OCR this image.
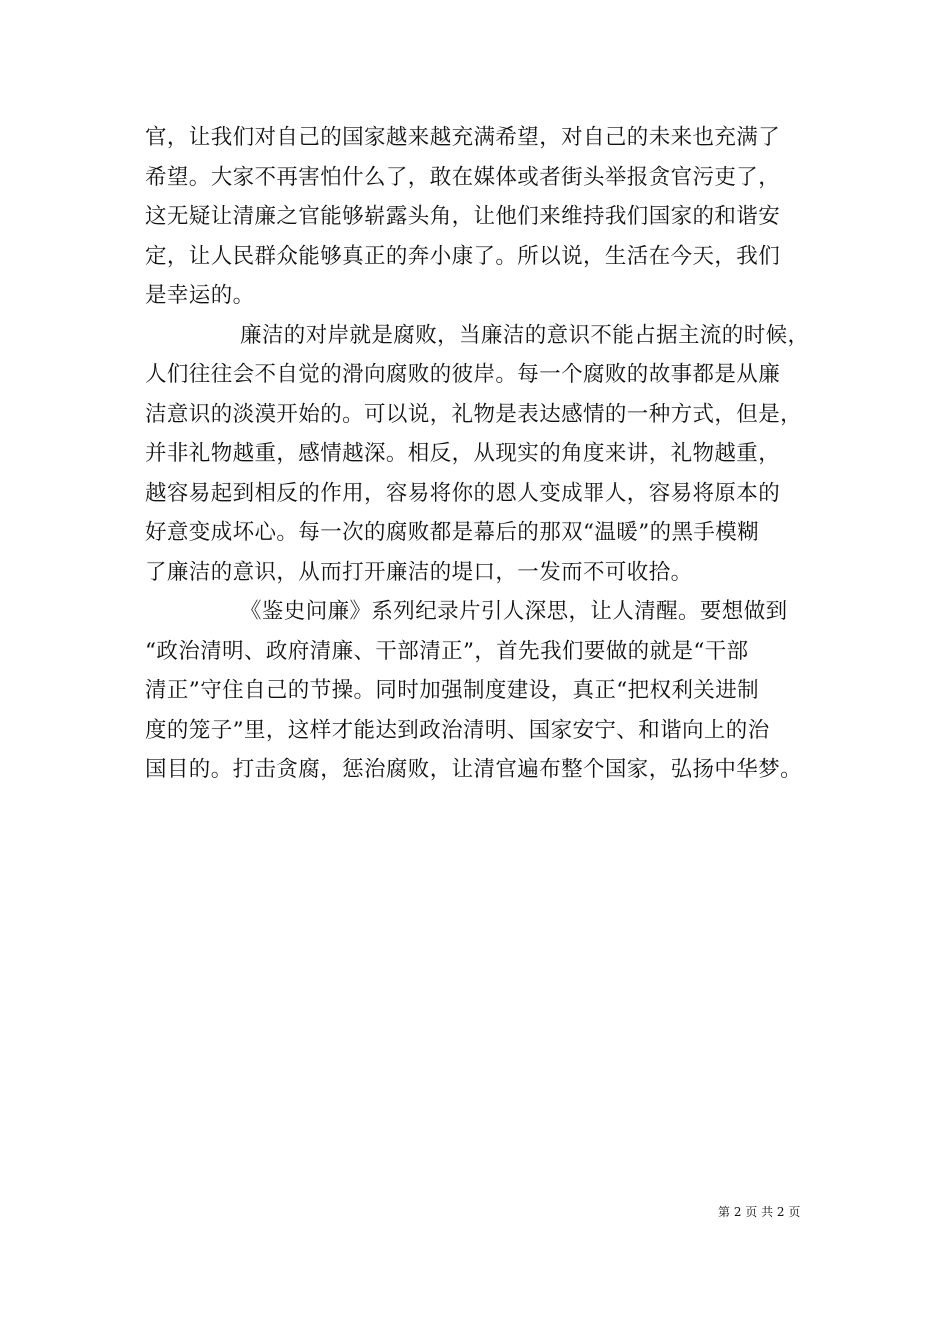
官，让我们对自己的国家越来越充满希望，对自己的未来也充满了
希望。大家不再害怕什么了，敢在媒体或者街头举报贪官污吏了，
这无疑让清廉之官能够崭露头角，让他们来维持我们国家的和谐安
定，让人民群众能够真正的奔小康了。所以说，生活在今天，我们
是幸运的。
廉洁的对岸就是腐败，当廉洁的意识不能占据主流的时候，
人们往往会不自觉的滑向腐败的彼岸。每一个腐败的故事都是从廉
洁意识的淡漠开始的。可以说，礼物是表达感情的一种方式，但是，
并非礼物越重，感情越深。相反，从现实的角度来讲，礼物越重，
越容易起到相反的作用，容易将你的恩人变成罪人，容易将原本的
好意变成坏心。每一次的腐败都是幕后的那双“温暖”的黑手模糊
了廉洁的意识，从而打开廉洁的堤口，一发而不可收拾。
《鉴史问廉》系列纪录片引人深思，让人清醒。要想做到
“政治清明、政府清廉、干部清正”，首先我们要做的就是“干部
清正”守住自己的节操。同时加强制度建设，真正“把权利关进制
度的笼子”里，这样才能达到政治清明、国家安宁、和谐向上的治
国目的。打击贪腐，惩治腐败，让清官遍布整个国家，弘扬中华梦。
第 2 页 共 2 页
